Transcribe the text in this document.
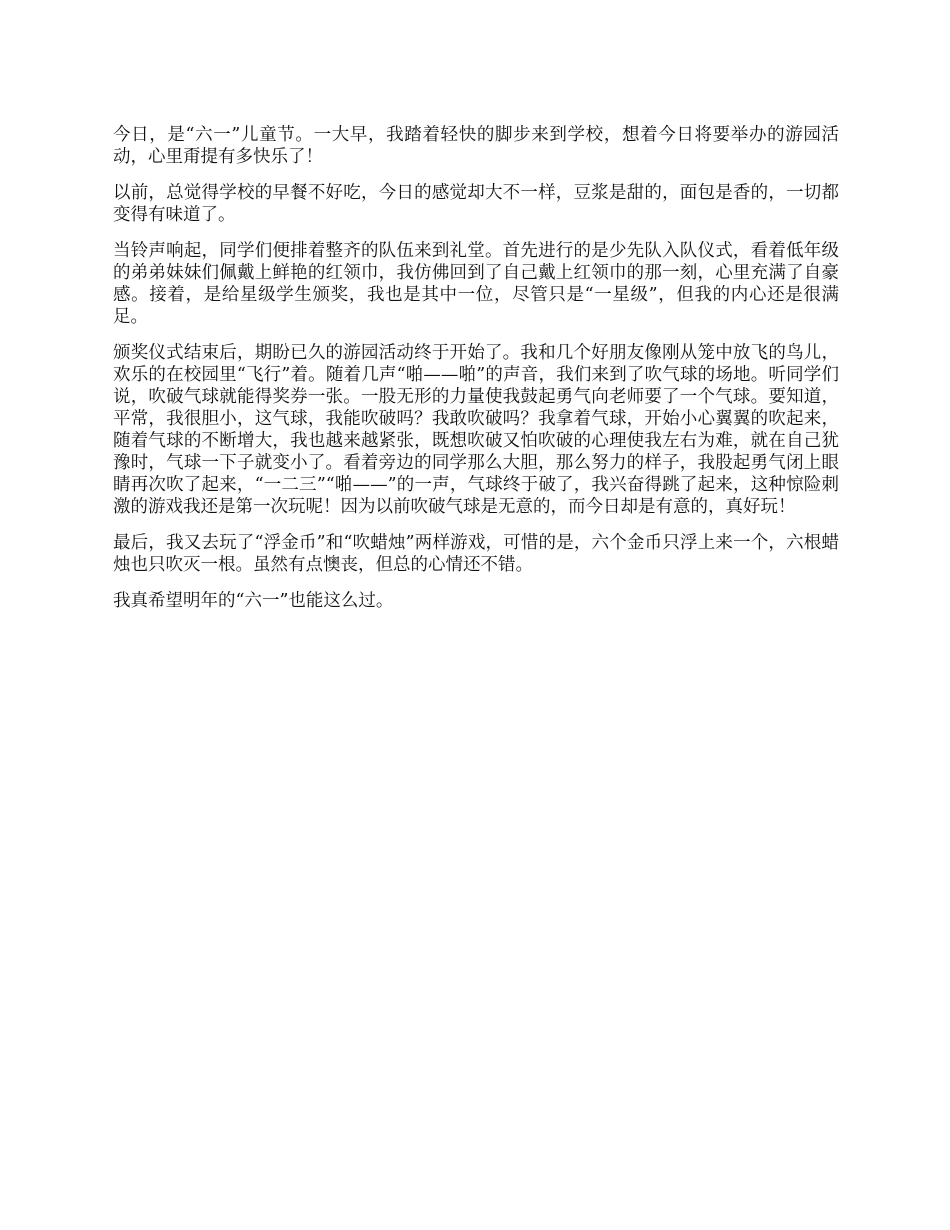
今日，是“六一”儿童节。一大早，我踏着轻快的脚步来到学校，想着今日将要举办的游园活动，心里甭提有多快乐了！

以前，总觉得学校的早餐不好吃，今日的感觉却大不一样，豆浆是甜的，面包是香的，一切都变得有味道了。

当铃声响起，同学们便排着整齐的队伍来到礼堂。首先进行的是少先队入队仪式，看着低年级的弟弟妹妹们佩戴上鲜艳的红领巾，我仿佛回到了自己戴上红领巾的那一刻，心里充满了自豪感。接着，是给星级学生颁奖，我也是其中一位，尽管只是“一星级”，但我的内心还是很满足。

颁奖仪式结束后，期盼已久的游园活动终于开始了。我和几个好朋友像刚从笼中放飞的鸟儿，欢乐的在校园里“飞行”着。随着几声“啪——啪”的声音，我们来到了吹气球的场地。听同学们说，吹破气球就能得奖券一张。一股无形的力量使我鼓起勇气向老师要了一个气球。要知道，平常，我很胆小，这气球，我能吹破吗？我敢吹破吗？我拿着气球，开始小心翼翼的吹起来，随着气球的不断增大，我也越来越紧张，既想吹破又怕吹破的心理使我左右为难，就在自己犹豫时，气球一下子就变小了。看着旁边的同学那么大胆，那么努力的样子，我股起勇气闭上眼睛再次吹了起来，“一二三”“啪——”的一声，气球终于破了，我兴奋得跳了起来，这种惊险刺激的游戏我还是第一次玩呢！因为以前吹破气球是无意的，而今日却是有意的，真好玩！

最后，我又去玩了“浮金币”和“吹蜡烛”两样游戏，可惜的是，六个金币只浮上来一个，六根蜡烛也只吹灭一根。虽然有点懊丧，但总的心情还不错。

我真希望明年的“六一”也能这么过。
